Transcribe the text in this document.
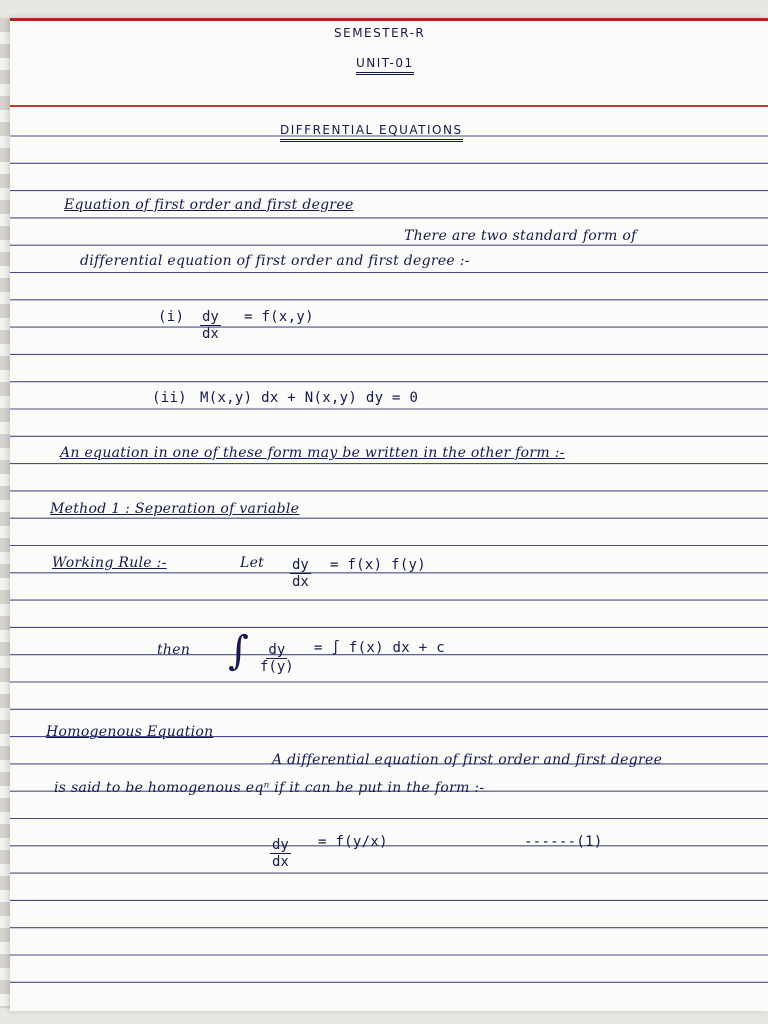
SEMESTER-R
UNIT-01
DIFFRENTIAL EQUATIONS
Equation of first order and first degree
There are two standard form of
differential equation of first order and first degree :-
$(i) \frac{dy}{dx} = f(x,y)$
(ii) M(x,y) dx + N(x,y) dy = 0
An equation in one of these form may be written in the other form :-
Method 1 : Seperation of variable
Working Rule :-	Let $\frac{dy}{dx} = f(x)$ f(y)
then ∫ $\frac{dy}{f(y)}$ = ∫ f(x) dx + c
Homogenous Equation
A differential equation of first order and first degree
is said to be homogenous eqⁿ if it can be put in the form :-
$\frac{dy}{dx} = f(y/x)$	------(1)
